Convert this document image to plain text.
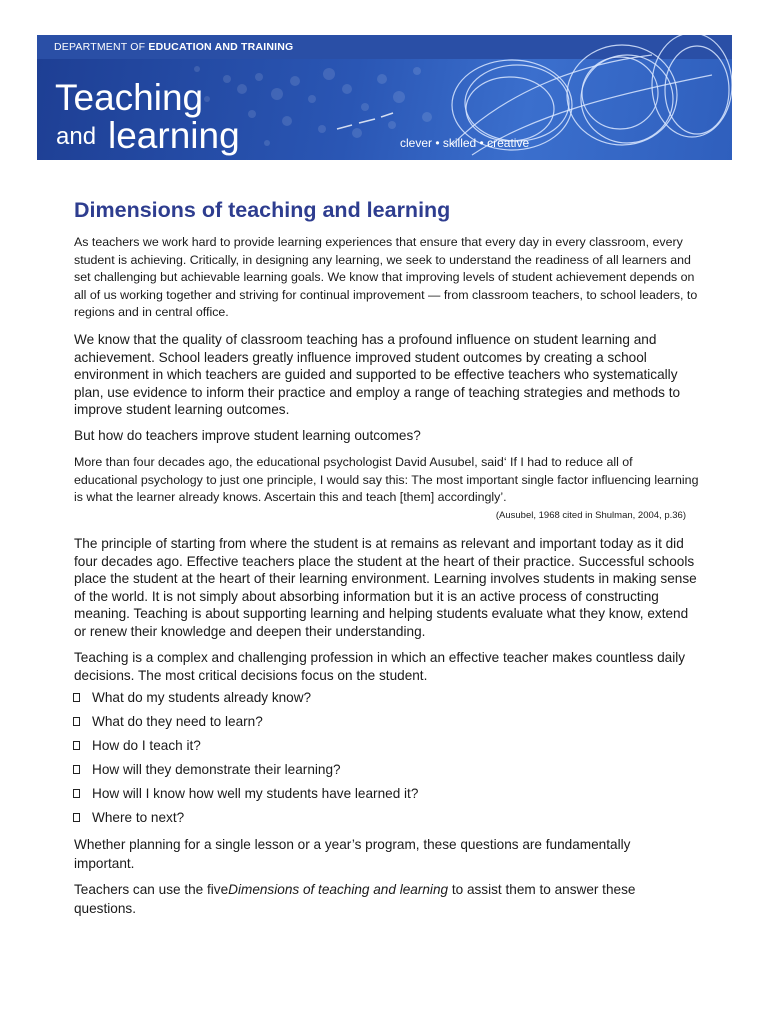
DEPARTMENT OF EDUCATION AND TRAINING
Teaching
and learning	clever • skilled • creative
Dimensions of teaching and learning

As teachers we work hard to provide learning experiences that ensure that every day in every classroom, every student is achieving. Critically, in designing any learning, we seek to understand the readiness of all learners and set challenging but achievable learning goals. We know that improving levels of student achievement depends on all of us working together and striving for continual improvement — from classroom teachers, to school leaders, to regions and in central office.

We know that the quality of classroom teaching has a profound influence on student learning and achievement. School leaders greatly influence improved student outcomes by creating a school environment in which teachers are guided and supported to be effective teachers who systematically plan, use evidence to inform their practice and employ a range of teaching strategies and methods to improve student learning outcomes.

But how do teachers improve student learning outcomes?

More than four decades ago, the educational psychologist David Ausubel, said‘ If I had to reduce all of educational psychology to just one principle, I would say this: The most important single factor influencing learning is what the learner already knows. Ascertain this and teach [them] accordingly’.

(Ausubel, 1968 cited in Shulman, 2004, p.36)

The principle of starting from where the student is at remains as relevant and important today as it did four decades ago. Effective teachers place the student at the heart of their practice. Successful schools place the student at the heart of their learning environment. Learning involves students in making sense of the world. It is not simply about absorbing information but it is an active process of constructing meaning. Teaching is about supporting learning and helping students evaluate what they know, extend or renew their knowledge and deepen their understanding.

Teaching is a complex and challenging profession in which an effective teacher makes countless daily decisions. The most critical decisions focus on the student.

What do my students already know?
What do they need to learn?
How do I teach it?
How will they demonstrate their learning?
How will I know how well my students have learned it?
Where to next?

Whether planning for a single lesson or a year’s program, these questions are fundamentally important.

Teachers can use the fiveDimensions of teaching and learning to assist them to answer these questions.
